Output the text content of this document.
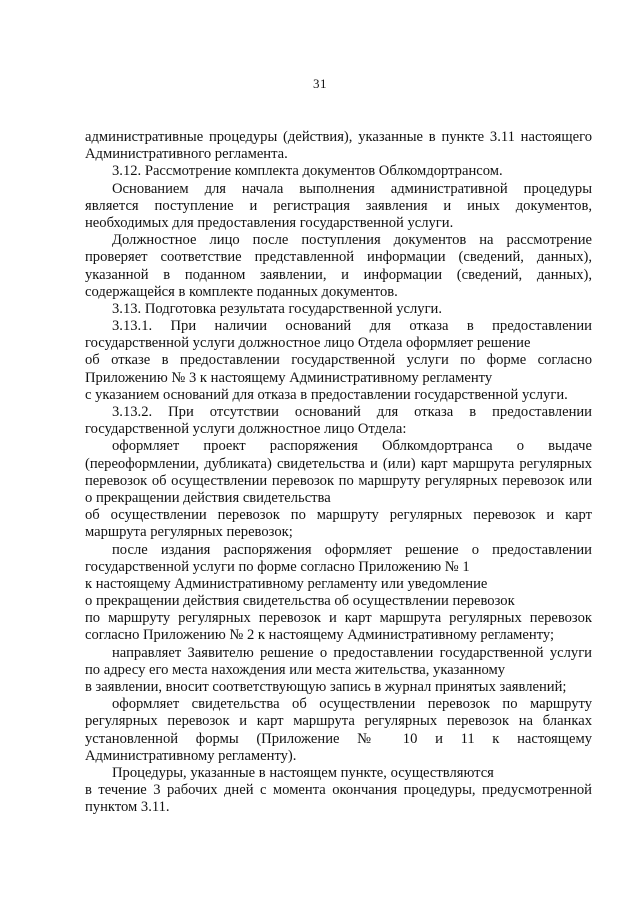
31
административные процедуры (действия), указанные в пункте 3.11 настоящего
Административного регламента.
3.12. Рассмотрение комплекта документов Облкомдортрансом.
Основанием для начала выполнения административной процедуры
является поступление и регистрация заявления и иных документов,
необходимых для предоставления государственной услуги.
Должностное лицо после поступления документов на рассмотрение
проверяет соответствие представленной информации (сведений, данных),
указанной в поданном заявлении, и информации (сведений, данных),
содержащейся в комплекте поданных документов.
3.13. Подготовка результата государственной услуги.
3.13.1. При наличии оснований для отказа в предоставлении
государственной услуги должностное лицо Отдела оформляет решение
об отказе в предоставлении государственной услуги по форме согласно
Приложению № 3 к настоящему Административному регламенту
с указанием оснований для отказа в предоставлении государственной услуги.
3.13.2. При отсутствии оснований для отказа в предоставлении
государственной услуги должностное лицо Отдела:
оформляет проект распоряжения Облкомдортранса о выдаче
(переоформлении, дубликата) свидетельства и (или) карт маршрута регулярных
перевозок об осуществлении перевозок по маршруту регулярных перевозок или
о прекращении действия свидетельства
об осуществлении перевозок по маршруту регулярных перевозок и карт
маршрута регулярных перевозок;
после издания распоряжения оформляет решение о предоставлении
государственной услуги по форме согласно Приложению № 1
к настоящему Административному регламенту или уведомление
о прекращении действия свидетельства об осуществлении перевозок
по маршруту регулярных перевозок и карт маршрута регулярных перевозок
согласно Приложению № 2 к настоящему Административному регламенту;
направляет Заявителю решение о предоставлении государственной услуги
по адресу его места нахождения или места жительства, указанному
в заявлении, вносит соответствующую запись в журнал принятых заявлений;
оформляет свидетельства об осуществлении перевозок по маршруту
регулярных перевозок и карт маршрута регулярных перевозок на бланках
установленной формы (Приложение № 10 и 11 к настоящему
Административному регламенту).
Процедуры, указанные в настоящем пункте, осуществляются
в течение 3 рабочих дней с момента окончания процедуры, предусмотренной
пунктом 3.11.
